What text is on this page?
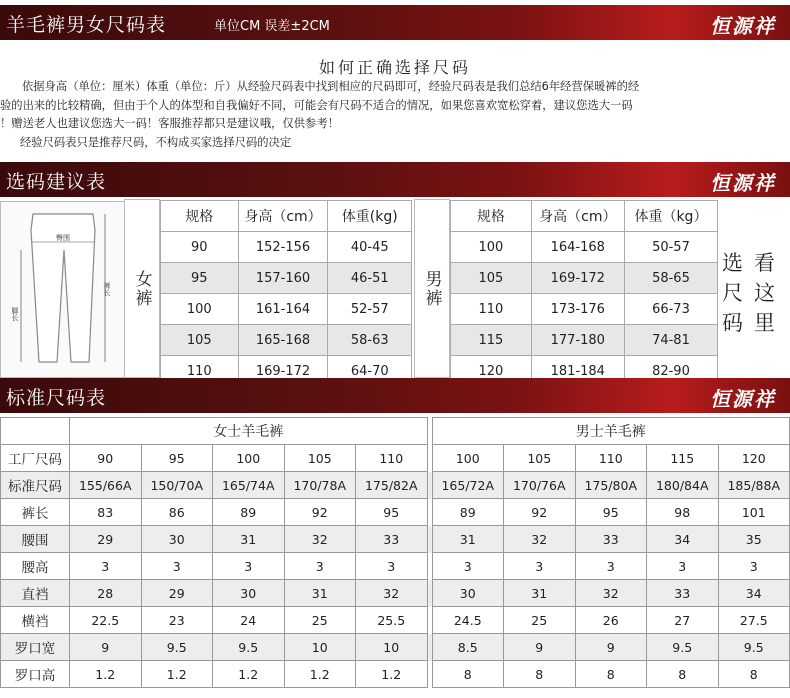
羊毛裤男女尺码表	单位CM 误差±2CM	恒源祥
如何正确选择尺码

依据身高（单位：厘米）体重（单位：斤）从经验尺码表中找到相应的尺码即可，经验尺码表是我们总结6年经营保暖裤的经

验的出来的比较精确，但由于个人的体型和自我偏好不同，可能会有尺码不适合的情况，如果您喜欢宽松穿着，建议您选大一码

！赠送老人也建议您选大一码！客服推荐都只是建议哦，仅供参考！

经验尺码表只是推荐尺码，不构成买家选择尺码的决定

选码建议表	恒源祥
臀围
裤长
脚长
女裤
规格	身高（cm）	体重(kg)
90	152-156	40-45
95	157-160	46-51
100	161-164	52-57
105	165-168	58-63
110	169-172	64-70
男裤
规格	身高（cm）	体重（kg）
100	164-168	50-57
105	169-172	58-65
110	173-176	66-73
115	177-180	74-81
120	181-184	82-90
看
这
里
选
尺
码
标准尺码表	恒源祥
	女士羊毛裤						男士羊毛裤				
工厂尺码	90	95	100	105	110		100	105	110	115	120
标准尺码	155/66A	150/70A	165/74A	170/78A	175/82A		165/72A	170/76A	175/80A	180/84A	185/88A
裤长	83	86	89	92	95		89	92	95	98	101
腰围	29	30	31	32	33		31	32	33	34	35
腰高	3	3	3	3	3		3	3	3	3	3
直裆	28	29	30	31	32		30	31	32	33	34
横裆	22.5	23	24	25	25.5		24.5	25	26	27	27.5
罗口宽	9	9.5	9.5	10	10		8.5	9	9	9.5	9.5
罗口高	1.2	1.2	1.2	1.2	1.2		8	8	8	8	8
